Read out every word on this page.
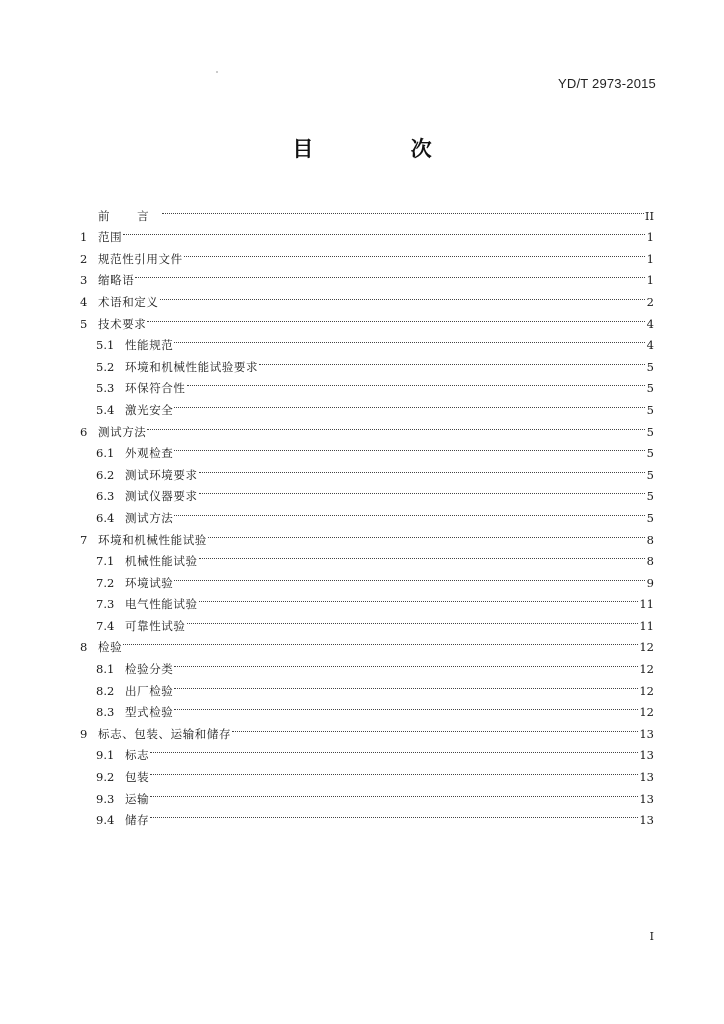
YD/T 2973-2015
目 次
前 言	II
1 范围	1
2 规范性引用文件	1
3 缩略语	1
4 术语和定义	2
5 技术要求	4
5.1 性能规范	4
5.2 环境和机械性能试验要求	5
5.3 环保符合性	5
5.4 激光安全	5
6 测试方法	5
6.1 外观检查	5
6.2 测试环境要求	5
6.3 测试仪器要求	5
6.4 测试方法	5
7 环境和机械性能试验	8
7.1 机械性能试验	8
7.2 环境试验	9
7.3 电气性能试验	11
7.4 可靠性试验	11
8 检验	12
8.1 检验分类	12
8.2 出厂检验	12
8.3 型式检验	12
9 标志、包装、运输和储存	13
9.1 标志	13
9.2 包装	13
9.3 运输	13
9.4 储存	13
I
